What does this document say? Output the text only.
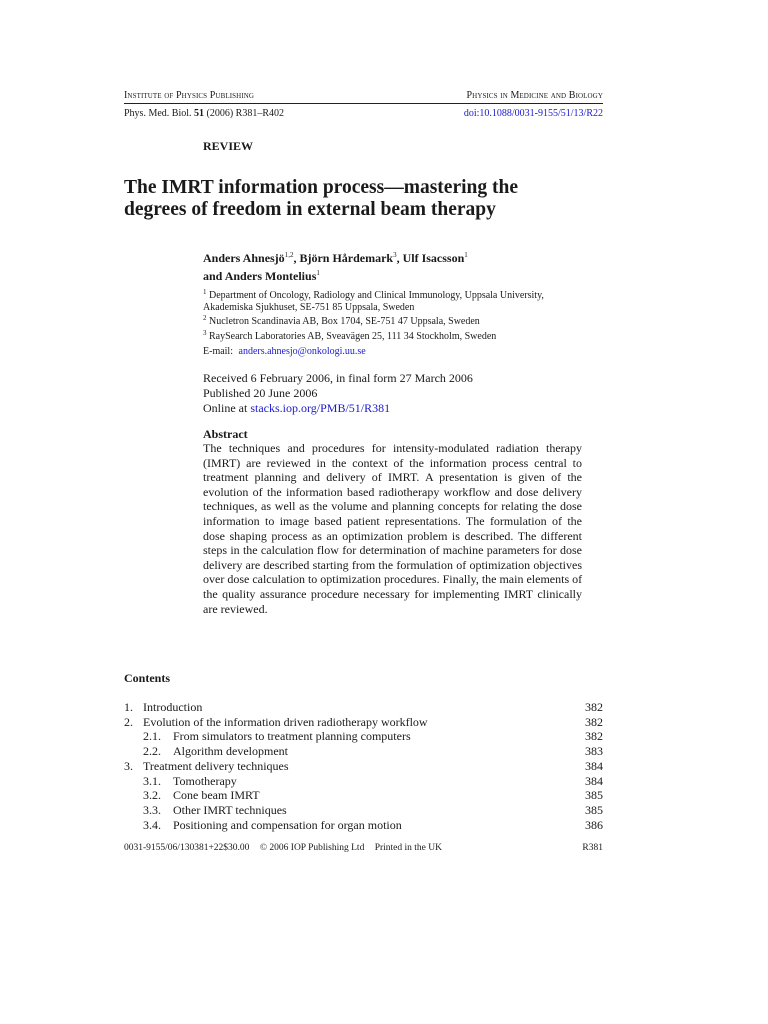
Institute of Physics Publishing	Physics in Medicine and Biology
Phys. Med. Biol. 51 (2006) R381–R402	doi:10.1088/0031-9155/51/13/R22
REVIEW
The IMRT information process—mastering the
degrees of freedom in external beam therapy
Anders Ahnesjö$^{1,2}$, Björn Hårdemark$^3$, Ulf Isacsson$^1$
and Anders Montelius$^1$
$^1$ Department of Oncology, Radiology and Clinical Immunology, Uppsala University,
Akademiska Sjukhuset, SE-751 85 Uppsala, Sweden
$^2$ Nucletron Scandinavia AB, Box 1704, SE-751 47 Uppsala, Sweden
$^3$ RaySearch Laboratories AB, Sveavägen 25, 111 34 Stockholm, Sweden
E-mail: anders.ahnesjo@onkologi.uu.se
Received 6 February 2006, in final form 27 March 2006
Published 20 June 2006
Online at stacks.iop.org/PMB/51/R381
Abstract
The techniques and procedures for intensity-modulated radiation therapy
(IMRT) are reviewed in the context of the information process central to
treatment planning and delivery of IMRT. A presentation is given of the
evolution of the information based radiotherapy workflow and dose delivery
techniques, as well as the volume and planning concepts for relating the dose
information to image based patient representations. The formulation of the
dose shaping process as an optimization problem is described. The different
steps in the calculation flow for determination of machine parameters for dose
delivery are described starting from the formulation of optimization objectives
over dose calculation to optimization procedures. Finally, the main elements of
the quality assurance procedure necessary for implementing IMRT clinically
are reviewed.
Contents
1. Introduction	382
2. Evolution of the information driven radiotherapy workflow	382
2.1. From simulators to treatment planning computers	382
2.2. Algorithm development	383
3. Treatment delivery techniques	384
3.1. Tomotherapy	384
3.2. Cone beam IMRT	385
3.3. Other IMRT techniques	385
3.4. Positioning and compensation for organ motion	386
0031-9155/06/130381+22$30.00 © 2006 IOP Publishing Ltd Printed in the UK	R381
